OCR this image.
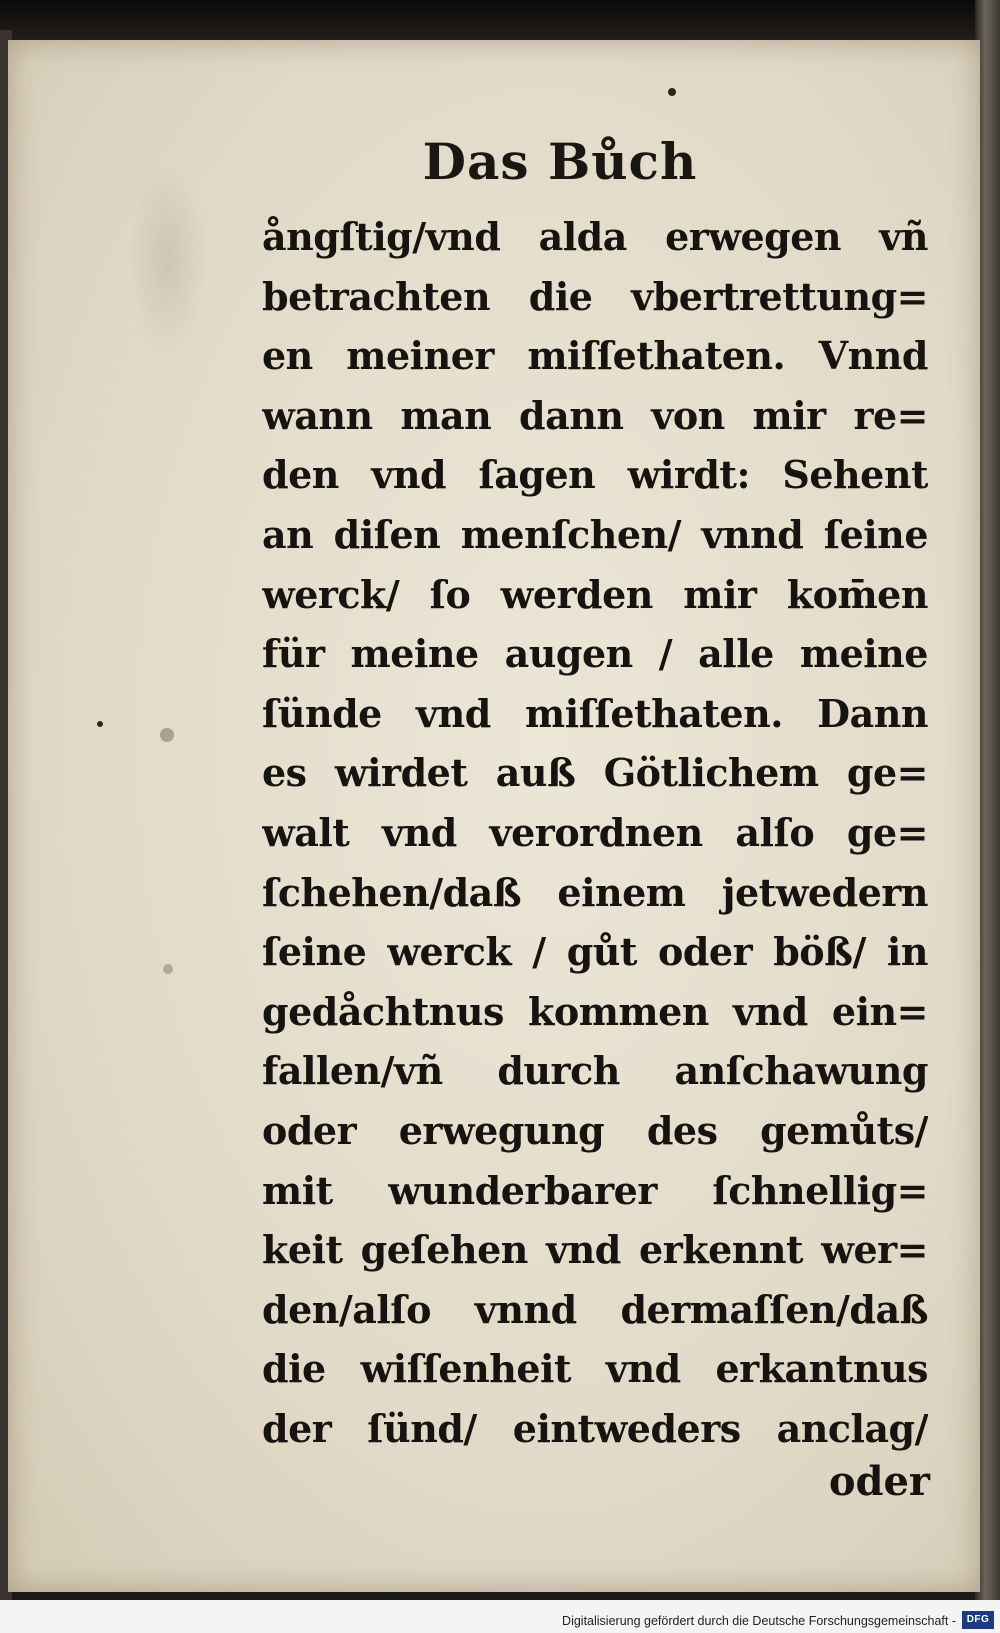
Das Bůch
ångſtig/vnd alda erwegen vñ
betrachten die vbertrettung=
en meiner miſſethaten. Vnnd
wann man dann von mir re=
den vnd ſagen wirdt: Sehent
an diſen menſchen/ vnnd ſeine
werck/ ſo werden mir kom̄en
für meine augen / alle meine
ſünde vnd miſſethaten. Dann
es wirdet auß Götlichem ge=
walt vnd verordnen alſo ge=
ſchehen/daß einem jetwedern
ſeine werck / gůt oder böß/ in
gedåchtnus kommen vnd ein=
fallen/vñ durch anſchawung
oder erwegung des gemůts/
mit wunderbarer ſchnellig=
keit geſehen vnd erkennt wer=
den/alſo vnnd dermaſſen/daß
die wiſſenheit vnd erkantnus
der ſünd/ eintweders anclag/
oder
Digitalisierung gefördert durch die Deutsche Forschungsgemeinschaft -	DFG
